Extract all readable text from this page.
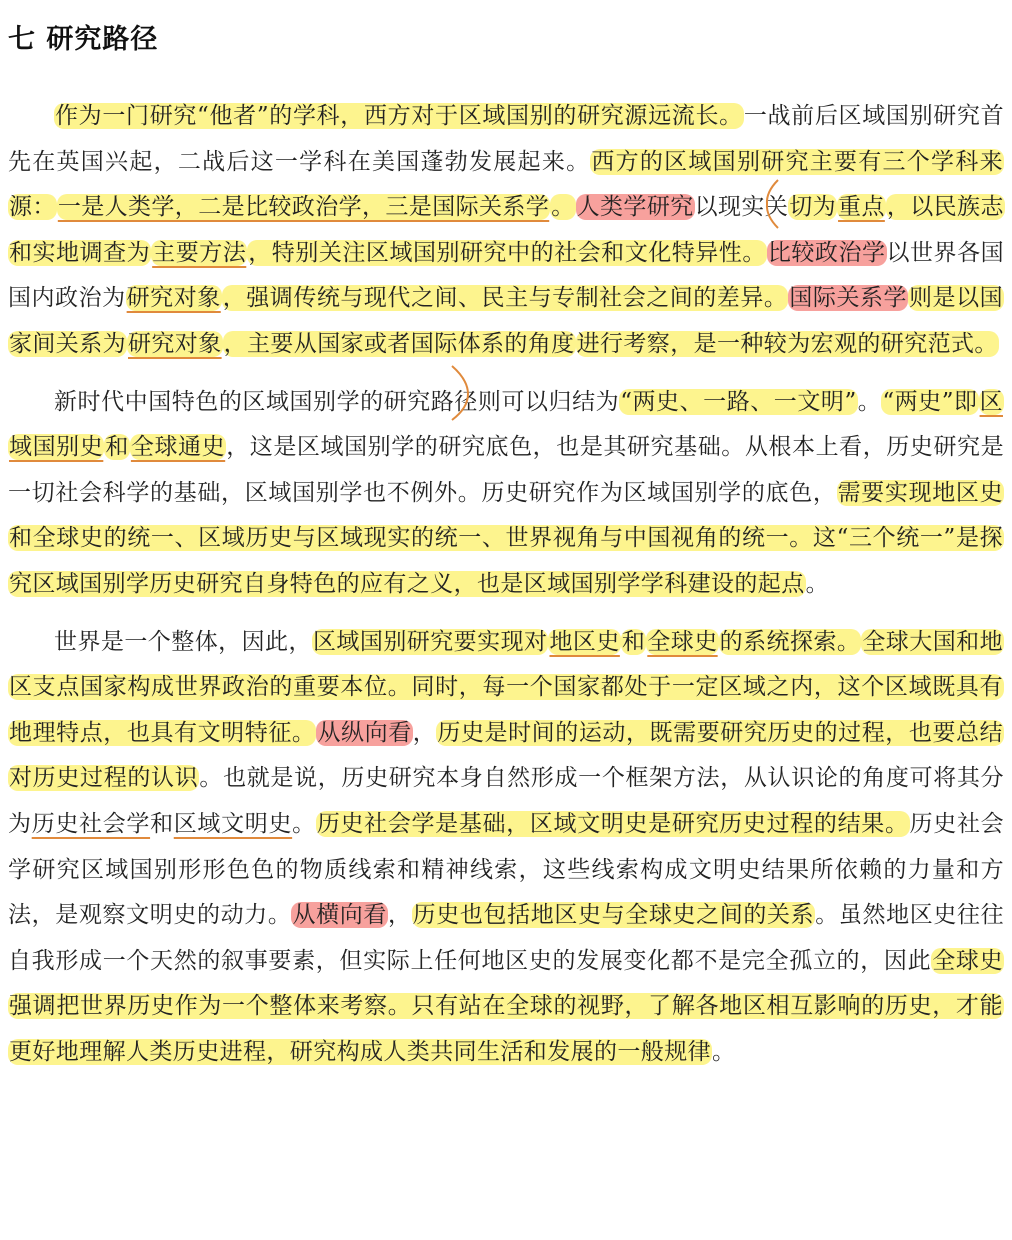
七 研究路径
作为一门研究“他者”的学科，西方对于区域国别的研究源远流长。一战前后区域国别研究首先在英国兴起，二战后这一学科在美国蓬勃发展起来。西方的区域国别研究主要有三个学科来源：一是人类学，二是比较政治学，三是国际关系学。人类学研究以现实关切为重点，以民族志和实地调查为主要方法，特别关注区域国别研究中的社会和文化特异性。比较政治学以世界各国国内政治为研究对象，强调传统与现代之间、民主与专制社会之间的差异。国际关系学则是以国家间关系为研究对象，主要从国家或者国际体系的角度进行考察，是一种较为宏观的研究范式。
新时代中国特色的区域国别学的研究路径则可以归结为“两史、一路、一文明”。“两史”即区域国别史和全球通史，这是区域国别学的研究底色，也是其研究基础。从根本上看，历史研究是一切社会科学的基础，区域国别学也不例外。历史研究作为区域国别学的底色，需要实现地区史和全球史的统一、区域历史与区域现实的统一、世界视角与中国视角的统一。这“三个统一”是探究区域国别学历史研究自身特色的应有之义，也是区域国别学学科建设的起点。
世界是一个整体，因此，区域国别研究要实现对地区史和全球史的系统探索。全球大国和地区支点国家构成世界政治的重要本位。同时，每一个国家都处于一定区域之内，这个区域既具有地理特点，也具有文明特征。从纵向看，历史是时间的运动，既需要研究历史的过程，也要总结对历史过程的认识。也就是说，历史研究本身自然形成一个框架方法，从认识论的角度可将其分为历史社会学和区域文明史。历史社会学是基础，区域文明史是研究历史过程的结果。历史社会学研究区域国别形形色色的物质线索和精神线索，这些线索构成文明史结果所依赖的力量和方法，是观察文明史的动力。从横向看，历史也包括地区史与全球史之间的关系。虽然地区史往往自我形成一个天然的叙事要素，但实际上任何地区史的发展变化都不是完全孤立的，因此全球史强调把世界历史作为一个整体来考察。只有站在全球的视野，了解各地区相互影响的历史，才能更好地理解人类历史进程，研究构成人类共同生活和发展的一般规律。
